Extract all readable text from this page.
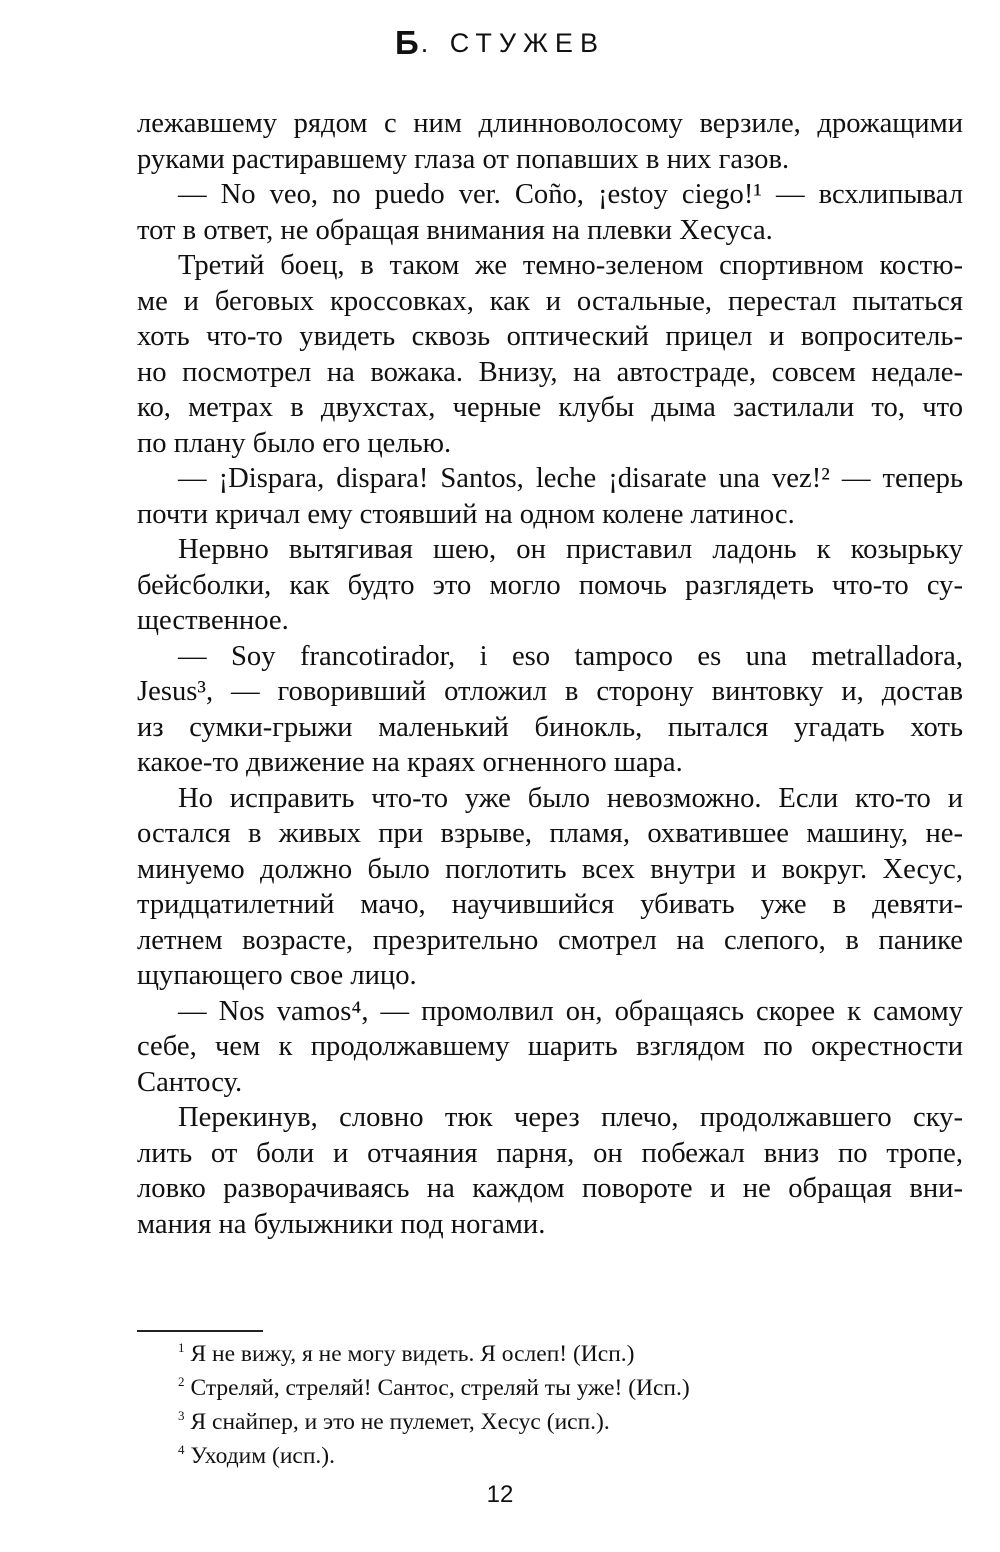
Б. СТУЖЕВ
лежавшему рядом с ним длинноволосому верзиле, дрожащими
руками растиравшему глаза от попавших в них газов.
— No veo, no puedo ver. Coño, ¡estoy ciego!¹ — всхлипывал
тот в ответ, не обращая внимания на плевки Хесуса.
Третий боец, в таком же темно-зеленом спортивном костю-
ме и беговых кроссовках, как и остальные, перестал пытаться
хоть что-то увидеть сквозь оптический прицел и вопроситель-
но посмотрел на вожака. Внизу, на автостраде, совсем недале-
ко, метрах в двухстах, черные клубы дыма застилали то, что
по плану было его целью.
— ¡Dispara, dispara! Santos, leche ¡disarate una vez!² — теперь
почти кричал ему стоявший на одном колене латинос.
Нервно вытягивая шею, он приставил ладонь к козырьку
бейсболки, как будто это могло помочь разглядеть что-то су-
щественное.
— Soy francotirador, i eso tampoco es una metralladora,
Jesus³, — говоривший отложил в сторону винтовку и, достав
из сумки-грыжи маленький бинокль, пытался угадать хоть
какое-то движение на краях огненного шара.
Но исправить что-то уже было невозможно. Если кто-то и
остался в живых при взрыве, пламя, охватившее машину, не-
минуемо должно было поглотить всех внутри и вокруг. Хесус,
тридцатилетний мачо, научившийся убивать уже в девяти-
летнем возрасте, презрительно смотрел на слепого, в панике
щупающего свое лицо.
— Nos vamos⁴, — промолвил он, обращаясь скорее к самому
себе, чем к продолжавшему шарить взглядом по окрестности
Сантосу.
Перекинув, словно тюк через плечо, продолжавшего ску-
лить от боли и отчаяния парня, он побежал вниз по тропе,
ловко разворачиваясь на каждом повороте и не обращая вни-
мания на булыжники под ногами.
$^1$ Я не вижу, я не могу видеть. Я ослеп! (Исп.)
$^2$ Стреляй, стреляй! Сантос, стреляй ты уже! (Исп.)
$^3$ Я снайпер, и это не пулемет, Хесус (исп.).
$^4$ Уходим (исп.).
12
